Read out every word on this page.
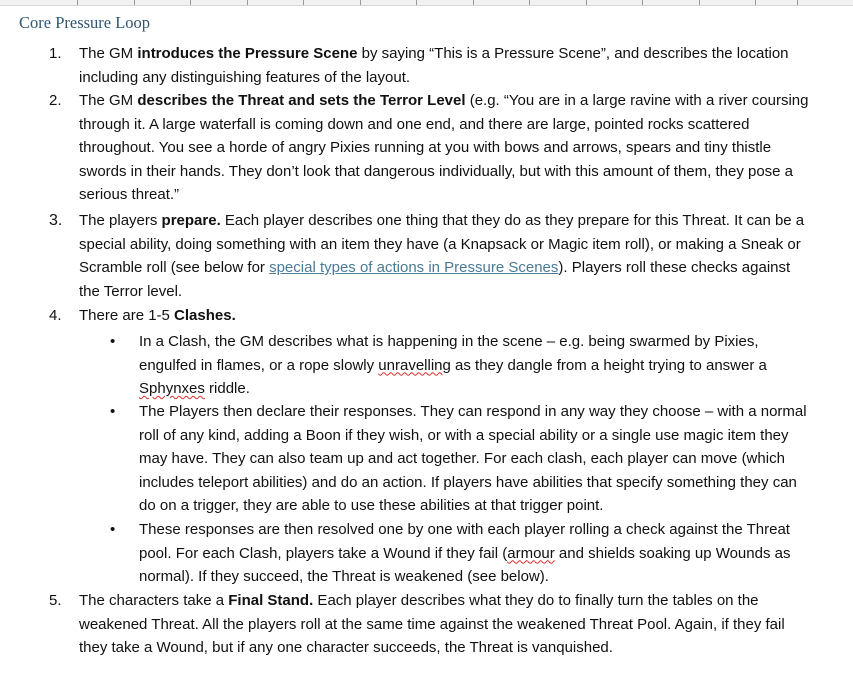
Core Pressure Loop
1. The GM introduces the Pressure Scene by saying “This is a Pressure Scene”, and describes the location including any distinguishing features of the layout.
2. The GM describes the Threat and sets the Terror Level (e.g. “You are in a large ravine with a river coursing through it. A large waterfall is coming down and one end, and there are large, pointed rocks scattered throughout. You see a horde of angry Pixies running at you with bows and arrows, spears and tiny thistle swords in their hands. They don’t look that dangerous individually, but with this amount of them, they pose a serious threat.”
3. The players prepare. Each player describes one thing that they do as they prepare for this Threat. It can be a special ability, doing something with an item they have (a Knapsack or Magic item roll), or making a Sneak or Scramble roll (see below for special types of actions in Pressure Scenes). Players roll these checks against the Terror level.
4. There are 1-5 Clashes.
• In a Clash, the GM describes what is happening in the scene – e.g. being swarmed by Pixies, engulfed in flames, or a rope slowly unravelling as they dangle from a height trying to answer a Sphynxes riddle.
• The Players then declare their responses. They can respond in any way they choose – with a normal roll of any kind, adding a Boon if they wish, or with a special ability or a single use magic item they may have. They can also team up and act together. For each clash, each player can move (which includes teleport abilities) and do an action. If players have abilities that specify something they can do on a trigger, they are able to use these abilities at that trigger point.
• These responses are then resolved one by one with each player rolling a check against the Threat pool. For each Clash, players take a Wound if they fail (armour and shields soaking up Wounds as normal). If they succeed, the Threat is weakened (see below).
5. The characters take a Final Stand. Each player describes what they do to finally turn the tables on the weakened Threat. All the players roll at the same time against the weakened Threat Pool. Again, if they fail they take a Wound, but if any one character succeeds, the Threat is vanquished.
